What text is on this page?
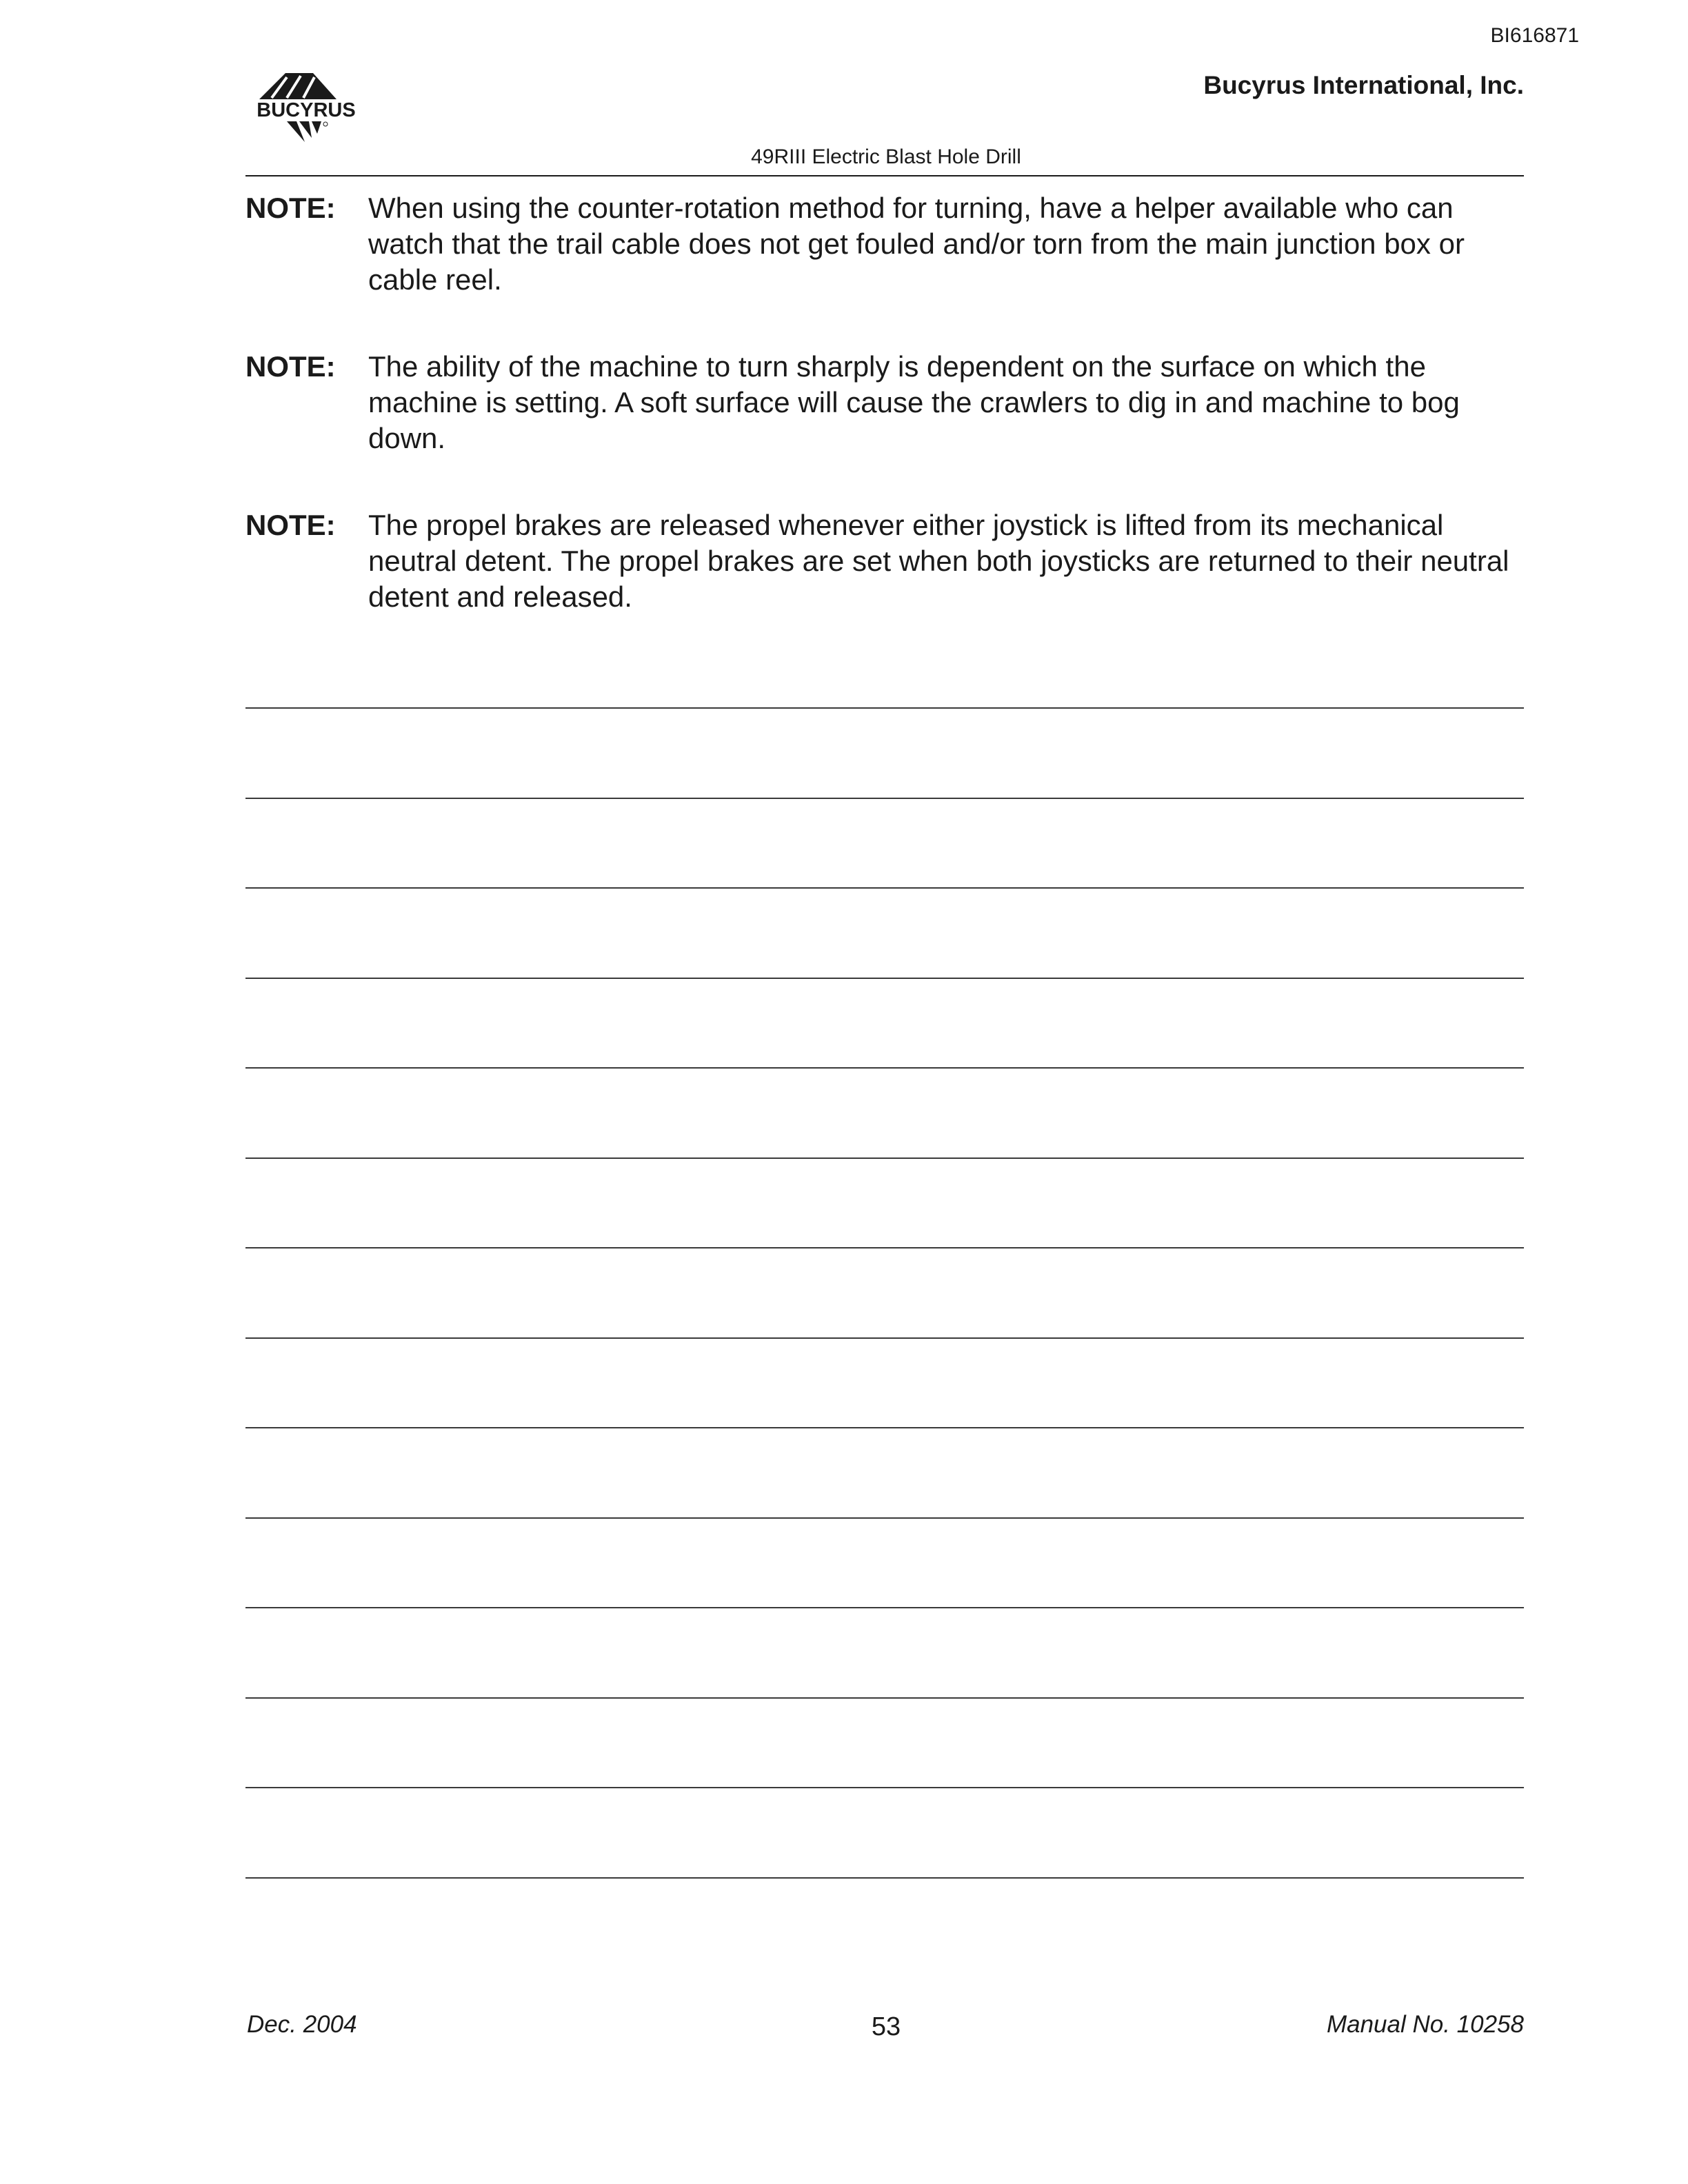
BI616871

BUCYRUS

Bucyrus International, Inc.

49RIII Electric Blast Hole Drill

NOTE:	When using the counter-rotation method for turning, have a helper available who can watch that the trail cable does not get fouled and/or torn from the main junction box or cable reel.

NOTE:	The ability of the machine to turn sharply is dependent on the surface on which the machine is setting. A soft surface will cause the crawlers to dig in and machine to bog down.

NOTE:	The propel brakes are released whenever either joystick is lifted from its mechanical neutral detent. The propel brakes are set when both joysticks are returned to their neutral detent and released.

Dec. 2004	53	Manual No. 10258
